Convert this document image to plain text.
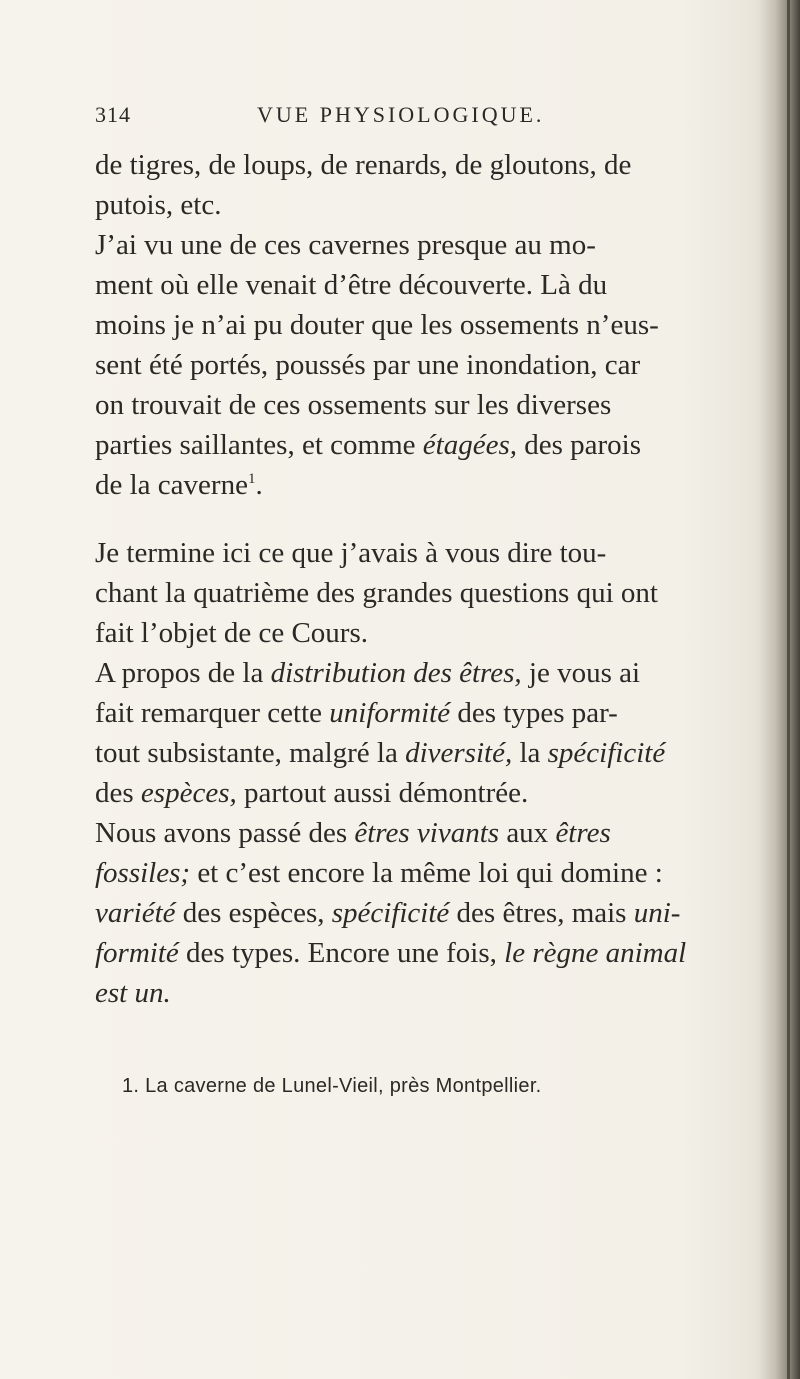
314	VUE PHYSIOLOGIQUE.

de tigres, de loups, de renards, de gloutons, de
putois, etc.

J’ai vu une de ces cavernes presque au mo-
ment où elle venait d’être découverte. Là du
moins je n’ai pu douter que les ossements n’eus-
sent été portés, poussés par une inondation, car
on trouvait de ces ossements sur les diverses
parties saillantes, et comme étagées, des parois
de la caverne$^1$.

Je termine ici ce que j’avais à vous dire tou-
chant la quatrième des grandes questions qui ont
fait l’objet de ce Cours.

A propos de la distribution des êtres, je vous ai
fait remarquer cette uniformité des types par-
tout subsistante, malgré la diversité, la spécificité
des espèces, partout aussi démontrée.

Nous avons passé des êtres vivants aux êtres
fossiles; et c’est encore la même loi qui domine :
variété des espèces, spécificité des êtres, mais uni-
formité des types. Encore une fois, le règne animal
est un.

1. La caverne de Lunel-Vieil, près Montpellier.
